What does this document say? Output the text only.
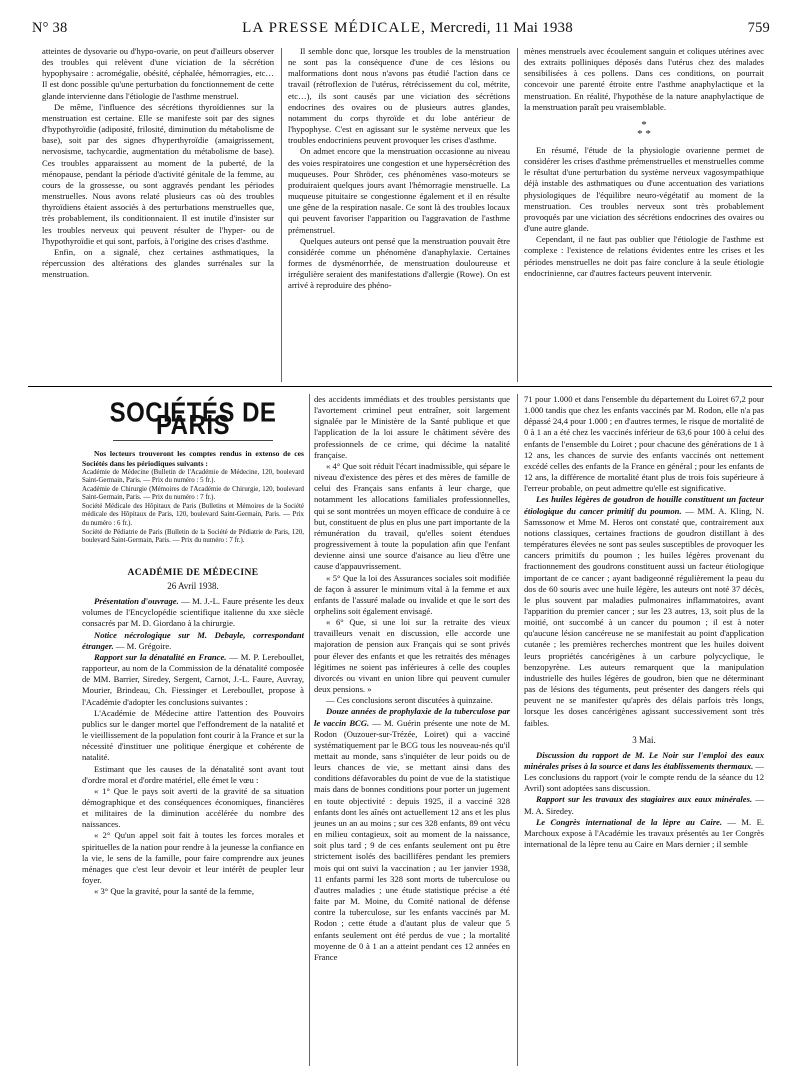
N° 38	LA PRESSE MÉDICALE, Mercredi, 11 Mai 1938	759

atteintes de dysovarie ou d'hypo-ovarie, on peut d'ailleurs observer des troubles qui relèvent d'une viciation de la sécrétion hypophysaire : acromégalie, obésité, céphalée, hémorragies, etc… Il est donc possible qu'une perturbation du fonctionnement de cette glande intervienne dans l'étiologie de l'asthme menstruel.

De même, l'influence des sécrétions thyroïdiennes sur la menstruation est certaine. Elle se manifeste soit par des signes d'hypothyroïdie (adiposité, frilosité, diminution du métabolisme de base), soit par des signes d'hyperthyroïdie (amaigrissement, nervosisme, tachycardie, augmentation du métabolisme de base). Ces troubles apparaissent au moment de la puberté, de la ménopause, pendant la période d'activité génitale de la femme, au cours de la grossesse, ou sont aggravés pendant les périodes menstruelles. Nous avons relaté plusieurs cas où des troubles thyroïdiens étaient associés à des perturbations menstruelles que, très probablement, ils conditionnaient. Il est inutile d'insister sur les troubles nerveux qui peuvent résulter de l'hyper- ou de l'hypothyroïdie et qui sont, parfois, à l'origine des crises d'asthme.

Enfin, on a signalé, chez certaines asthmatiques, la répercussion des altérations des glandes surrénales sur la menstruation.

Il semble donc que, lorsque les troubles de la menstruation ne sont pas la conséquence d'une de ces lésions ou malformations dont nous n'avons pas étudié l'action dans ce travail (rétroflexion de l'utérus, rétrécissement du col, métrite, etc…), ils sont causés par une viciation des sécrétions endocrines des ovaires ou de plusieurs autres glandes, notamment du corps thyroïde et du lobe antérieur de l'hypophyse. C'est en agissant sur le système nerveux que les troubles endocriniens peuvent provoquer les crises d'asthme.

On admet encore que la menstruation occasionne au niveau des voies respiratoires une congestion et une hypersécrétion des muqueuses. Pour Shröder, ces phénomènes vaso-moteurs se produiraient quelques jours avant l'hémorragie menstruelle. La muqueuse pituitaire se congestionne également et il en résulte une gêne de la respiration nasale. Ce sont là des troubles locaux qui peuvent favoriser l'apparition ou l'aggravation de l'asthme prémenstruel.

Quelques auteurs ont pensé que la menstruation pouvait être considérée comme un phénomène d'anaphylaxie. Certaines formes de dysménorrhée, de menstruation douloureuse et irrégulière seraient des manifestations d'allergie (Rowe). On est arrivé à reproduire des phéno-

mènes menstruels avec écoulement sanguin et coliques utérines avec des extraits polliniques déposés dans l'utérus chez des malades sensibilisées à ces pollens. Dans ces conditions, on pourrait concevoir une parenté étroite entre l'asthme anaphylactique et la menstruation. En réalité, l'hypothèse de la nature anaphylactique de la menstruation paraît peu vraisemblable.

*
* *

En résumé, l'étude de la physiologie ovarienne permet de considérer les crises d'asthme prémenstruelles et menstruelles comme le résultat d'une perturbation du système nerveux vagosympathique déjà instable des asthmatiques ou d'une accentuation des variations physiologiques de l'équilibre neuro-végétatif au moment de la menstruation. Ces troubles nerveux sont très probablement provoqués par une viciation des sécrétions endocrines des ovaires ou d'une autre glande.

Cependant, il ne faut pas oublier que l'étiologie de l'asthme est complexe : l'existence de relations évidentes entre les crises et les périodes menstruelles ne doit pas faire conclure à la seule étiologie endocrinienne, car d'autres facteurs peuvent intervenir.

SOCIÉTÉS DE PARIS

Nos lecteurs trouveront les comptes rendus in extenso de ces Sociétés dans les périodiques suivants :

Académie de Médecine (Bulletin de l'Académie de Médecine, 120, boulevard Saint-Germain, Paris. — Prix du numéro : 5 fr.).

Académie de Chirurgie (Mémoires de l'Académie de Chirurgie, 120, boulevard Saint-Germain, Paris. — Prix du numéro : 7 fr.).

Société Médicale des Hôpitaux de Paris (Bulletins et Mémoires de la Société médicale des Hôpitaux de Paris, 120, boulevard Saint-Germain, Paris. — Prix du numéro : 6 fr.).

Société de Pédiatrie de Paris (Bulletin de la Société de Pédiatrie de Paris, 120, boulevard Saint-Germain, Paris. — Prix du numéro : 7 fr.).

ACADÉMIE DE MÉDECINE
26 Avril 1938.

Présentation d'ouvrage. — M. J.-L. Faure présente les deux volumes de l'Encyclopédie scientifique italienne du xxe siècle consacrés par M. D. Giordano à la chirurgie.

Notice nécrologique sur M. Debayle, correspondant étranger. — M. Grégoire.

Rapport sur la dénatalité en France. — M. P. Lereboullet, rapporteur, au nom de la Commission de la dénatalité composée de MM. Barrier, Siredey, Sergent, Carnot, J.-L. Faure, Auvray, Mourier, Brindeau, Ch. Fiessinger et Lereboullet, propose à l'Académie d'adopter les conclusions suivantes :

L'Académie de Médecine attire l'attention des Pouvoirs publics sur le danger mortel que l'effondrement de la natalité et le vieillissement de la population font courir à la France et sur la nécessité d'instituer une politique énergique et cohérente de natalité.

Estimant que les causes de la dénatalité sont avant tout d'ordre moral et d'ordre matériel, elle émet le vœu :

« 1° Que le pays soit averti de la gravité de sa situation démographique et des conséquences économiques, financières et militaires de la diminution accélérée du nombre des naissances.

« 2° Qu'un appel soit fait à toutes les forces morales et spirituelles de la nation pour rendre à la jeunesse la confiance en la vie, le sens de la famille, pour faire comprendre aux jeunes ménages que c'est leur devoir et leur intérêt de peupler leur foyer.

« 3° Que la gravité, pour la santé de la femme,

des accidents immédiats et des troubles persistants que l'avortement criminel peut entraîner, soit largement signalée par le Ministère de la Santé publique et que l'application de la loi assure le châtiment sévère des professionnels de ce crime, qui décime la natalité française.

« 4° Que soit réduit l'écart inadmissible, qui sépare le niveau d'existence des pères et des mères de famille de celui des Français sans enfants à leur charge, que notamment les allocations familiales professionnelles, qui se sont montrées un moyen efficace de conduire à ce but, constituent de plus en plus une part importante de la rémunération du travail, qu'elles soient étendues progressivement à toute la population afin que l'enfant devienne ainsi une source d'aisance au lieu d'être une cause d'appauvrissement.

« 5° Que la loi des Assurances sociales soit modifiée de façon à assurer le minimum vital à la femme et aux enfants de l'assuré malade ou invalide et que le sort des orphelins soit également envisagé.

« 6° Que, si une loi sur la retraite des vieux travailleurs venait en discussion, elle accorde une majoration de pension aux Français qui se sont privés pour élever des enfants et que les retraités des ménages légitimes ne soient pas inférieures à celle des couples divorcés ou vivant en union libre qui peuvent cumuler deux pensions. »

— Ces conclusions seront discutées à quinzaine.

Douze années de prophylaxie de la tuberculose par le vaccin BCG. — M. Guérin présente une note de M. Rodon (Ouzouer-sur-Trézée, Loiret) qui a vacciné systématiquement par le BCG tous les nouveau-nés qu'il mettait au monde, sans s'inquiéter de leur poids ou de leurs chances de vie, se mettant ainsi dans des conditions défavorables du point de vue de la statistique mais dans de bonnes conditions pour porter un jugement en toute objectivité : depuis 1925, il a vacciné 328 enfants dont les aînés ont actuellement 12 ans et les plus jeunes un an au moins ; sur ces 328 enfants, 89 ont vécu en milieu contagieux, soit au moment de la naissance, soit plus tard ; 9 de ces enfants seulement ont pu être strictement isolés des bacillifères pendant les premiers mois qui ont suivi la vaccination ; au 1er janvier 1938, 11 enfants parmi les 328 sont morts de tuberculose ou d'autres maladies ; une étude statistique précise a été faite par M. Moine, du Comité national de défense contre la tuberculose, sur les enfants vaccinés par M. Rodon ; cette étude a d'autant plus de valeur que 5 enfants seulement ont été perdus de vue ; la mortalité moyenne de 0 à 1 an a atteint pendant ces 12 années en France

71 pour 1.000 et dans l'ensemble du département du Loiret 67,2 pour 1.000 tandis que chez les enfants vaccinés par M. Rodon, elle n'a pas dépassé 24,4 pour 1.000 ; en d'autres termes, le risque de mortalité de 0 à 1 an a été chez les vaccinés inférieur de 63,6 pour 100 à celui des enfants de l'ensemble du Loiret ; pour chacune des générations de 1 à 12 ans, les chances de survie des enfants vaccinés ont nettement excédé celles des enfants de la France en général ; pour les enfants de 12 ans, la différence de mortalité étant plus de trois fois supérieure à l'erreur probable, on peut admettre qu'elle est significative.

Les huiles légères de goudron de houille constituent un facteur étiologique du cancer primitif du poumon. — MM. A. Kling, N. Samssonow et Mme M. Heros ont constaté que, contrairement aux notions classiques, certaines fractions de goudron distillant à des températures élevées ne sont pas seules susceptibles de provoquer les cancers primitifs du poumon ; les huiles légères provenant du fractionnement des goudrons constituent aussi un facteur étiologique important de ce cancer ; ayant badigeonné régulièrement la peau du dos de 60 souris avec une huile légère, les auteurs ont noté 37 décès, le plus souvent par maladies pulmonaires inflammatoires, avant l'apparition du premier cancer ; sur les 23 autres, 13, soit plus de la moitié, ont succombé à un cancer du poumon ; il est à noter qu'aucune lésion cancéreuse ne se manifestait au point d'application cutanée ; les premières recherches montrent que les huiles doivent leurs propriétés cancérigènes à un carbure polycyclique, le benzopyrène. Les auteurs remarquent que la manipulation industrielle des huiles légères de goudron, bien que ne déterminant pas de lésions des téguments, peut présenter des dangers réels qui peuvent ne se manifester qu'après des délais parfois très longs, lorsque les doses cancérigènes agissant successivement sont très faibles.

3 Mai.

Discussion du rapport de M. Le Noir sur l'emploi des eaux minérales prises à la source et dans les établissements thermaux. — Les conclusions du rapport (voir le compte rendu de la séance du 12 Avril) sont adoptées sans discussion.

Rapport sur les travaux des stagiaires aux eaux minérales. — M. A. Siredey.

Le Congrès international de la lèpre au Caire. — M. E. Marchoux expose à l'Académie les travaux présentés au 1er Congrès international de la lèpre tenu au Caire en Mars dernier ; il semble
